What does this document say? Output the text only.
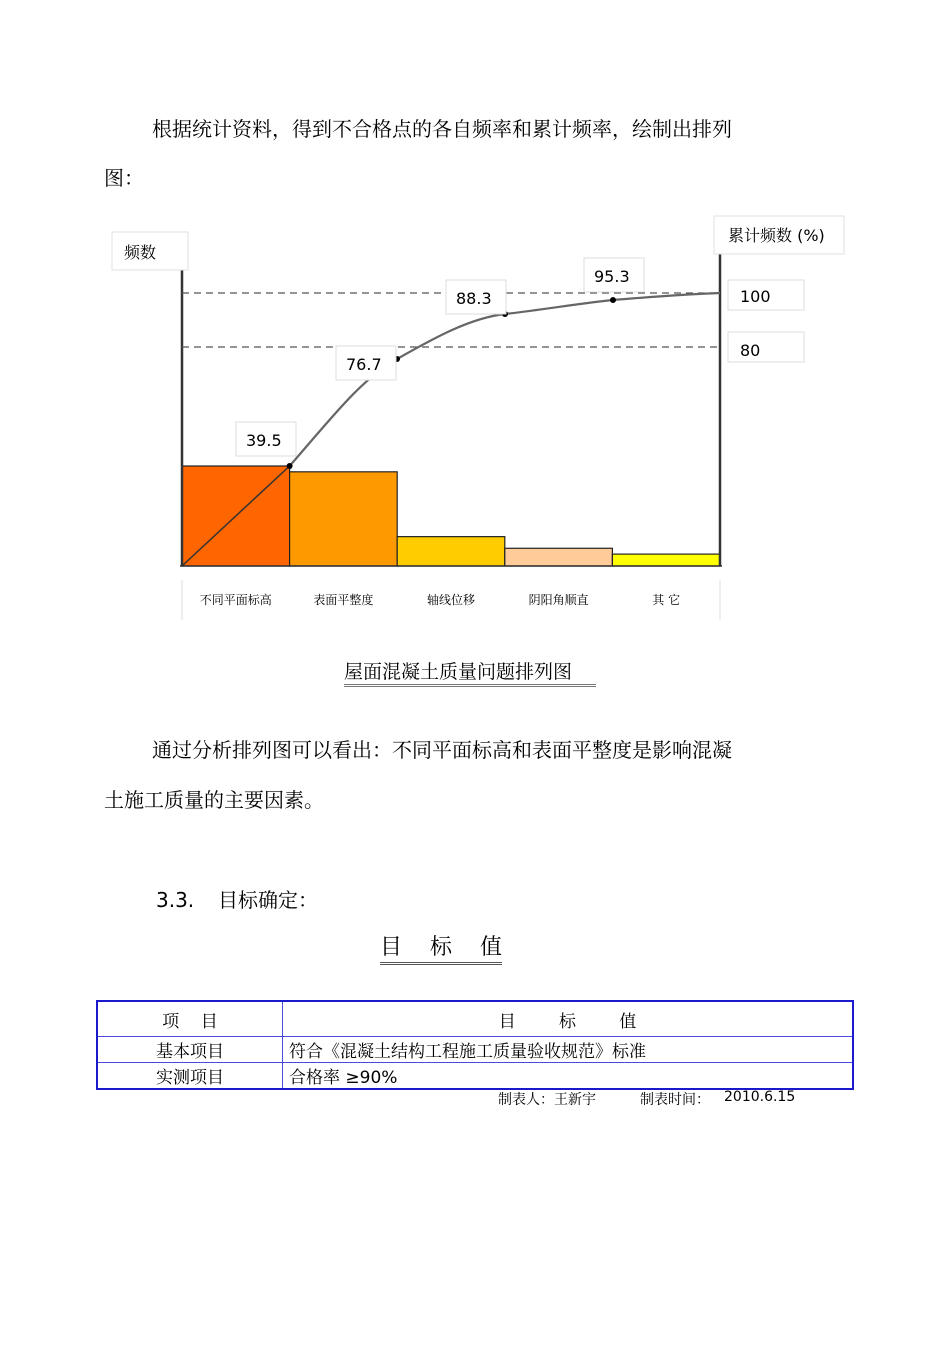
根据统计资料，得到不合格点的各自频率和累计频率，绘制出排列
图：
100
80
39.5
76.7
88.3
95.3
不同平面标高	表面平整度	轴线位移	阴阳角顺直	其 它
频数
累计频数 (%)
屋面混凝土质量问题排列图
通过分析排列图可以看出：不同平面标高和表面平整度是影响混凝
土施工质量的主要因素。
3.3. 目标确定：
目    标    值
项    目	目        标        值
基本项目	符合《混凝土结构工程施工质量验收规范》标准
实测项目	合格率 ≥90%
制表人：王新宇	制表时间： 2010.6.15
